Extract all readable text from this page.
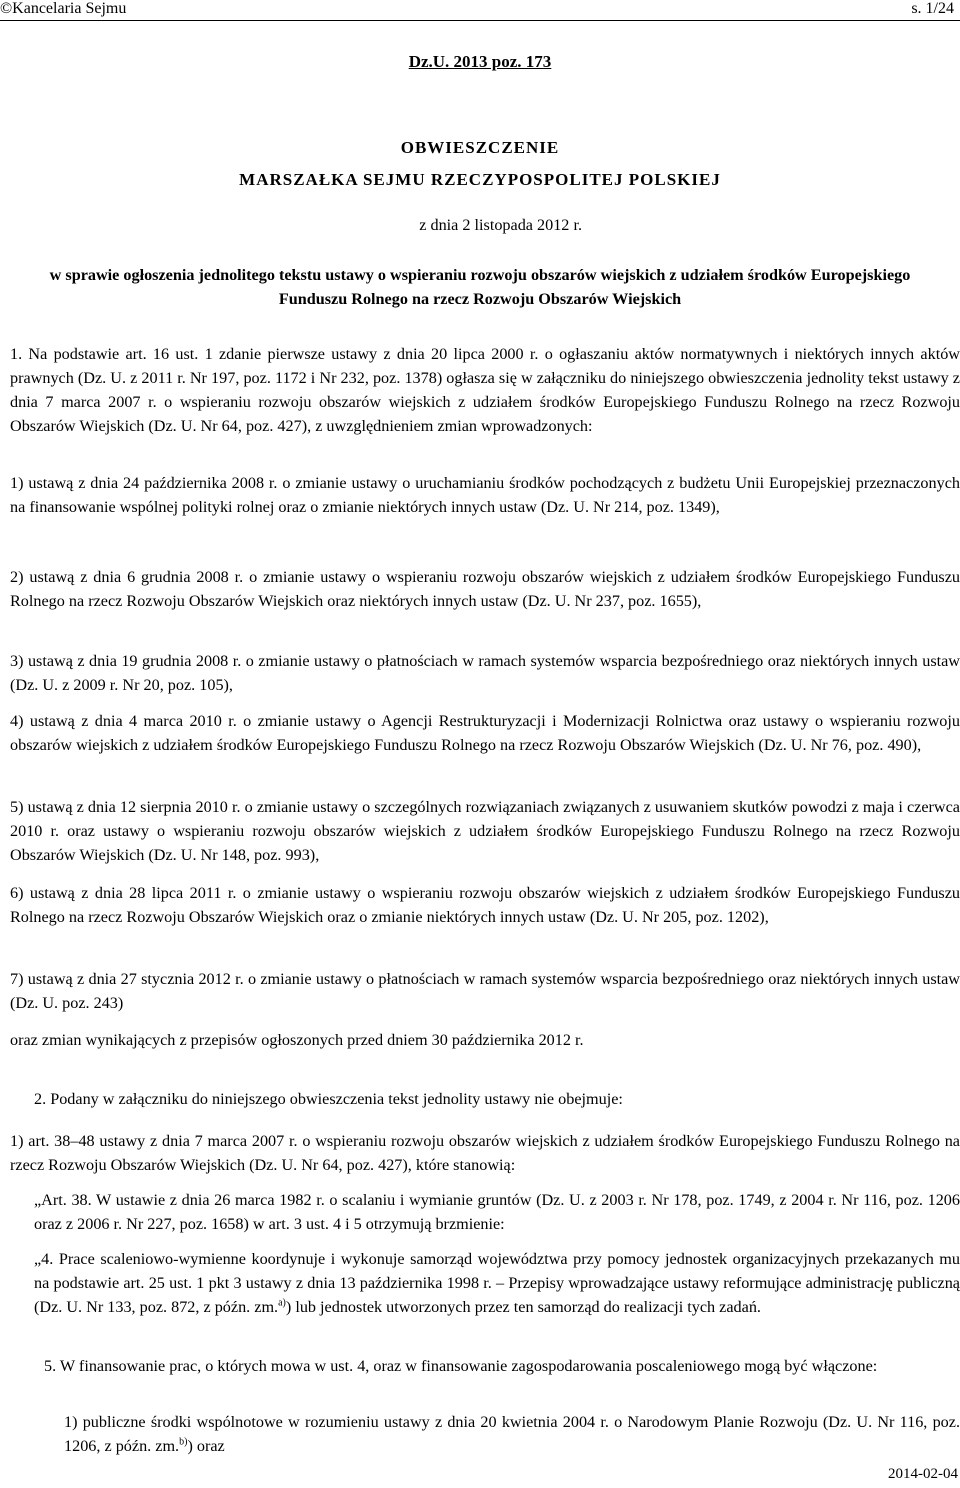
©Kancelaria Sejmu	s. 1/24
Dz.U. 2013 poz. 173
OBWIESZCZENIE
MARSZAŁKA SEJMU RZECZYPOSPOLITEJ POLSKIEJ
z dnia 2 listopada 2012 r.
w sprawie ogłoszenia jednolitego tekstu ustawy o wspieraniu rozwoju obszarów wiejskich z udziałem środków Europejskiego Funduszu Rolnego na rzecz Rozwoju Obszarów Wiejskich
1. Na podstawie art. 16 ust. 1 zdanie pierwsze ustawy z dnia 20 lipca 2000 r. o ogłaszaniu aktów normatywnych i niektórych innych aktów prawnych (Dz. U. z 2011 r. Nr 197, poz. 1172 i Nr 232, poz. 1378) ogłasza się w załączniku do niniejszego obwieszczenia jednolity tekst ustawy z dnia 7 marca 2007 r. o wspieraniu rozwoju obszarów wiejskich z udziałem środków Europejskiego Funduszu Rolnego na rzecz Rozwoju Obszarów Wiejskich (Dz. U. Nr 64, poz. 427), z uwzględnieniem zmian wprowadzonych:
1) ustawą z dnia 24 października 2008 r. o zmianie ustawy o uruchamianiu środków pochodzących z budżetu Unii Europejskiej przeznaczonych na finansowanie wspólnej polityki rolnej oraz o zmianie niektórych innych ustaw (Dz. U. Nr 214, poz. 1349),
2) ustawą z dnia 6 grudnia 2008 r. o zmianie ustawy o wspieraniu rozwoju obszarów wiejskich z udziałem środków Europejskiego Funduszu Rolnego na rzecz Rozwoju Obszarów Wiejskich oraz niektórych innych ustaw (Dz. U. Nr 237, poz. 1655),
3) ustawą z dnia 19 grudnia 2008 r. o zmianie ustawy o płatnościach w ramach systemów wsparcia bezpośredniego oraz niektórych innych ustaw (Dz. U. z 2009 r. Nr 20, poz. 105),
4) ustawą z dnia 4 marca 2010 r. o zmianie ustawy o Agencji Restrukturyzacji i Modernizacji Rolnictwa oraz ustawy o wspieraniu rozwoju obszarów wiejskich z udziałem środków Europejskiego Funduszu Rolnego na rzecz Rozwoju Obszarów Wiejskich (Dz. U. Nr 76, poz. 490),
5) ustawą z dnia 12 sierpnia 2010 r. o zmianie ustawy o szczególnych rozwiązaniach związanych z usuwaniem skutków powodzi z maja i czerwca 2010 r. oraz ustawy o wspieraniu rozwoju obszarów wiejskich z udziałem środków Europejskiego Funduszu Rolnego na rzecz Rozwoju Obszarów Wiejskich (Dz. U. Nr 148, poz. 993),
6) ustawą z dnia 28 lipca 2011 r. o zmianie ustawy o wspieraniu rozwoju obszarów wiejskich z udziałem środków Europejskiego Funduszu Rolnego na rzecz Rozwoju Obszarów Wiejskich oraz o zmianie niektórych innych ustaw (Dz. U. Nr 205, poz. 1202),
7) ustawą z dnia 27 stycznia 2012 r. o zmianie ustawy o płatnościach w ramach systemów wsparcia bezpośredniego oraz niektórych innych ustaw (Dz. U. poz. 243)
oraz zmian wynikających z przepisów ogłoszonych przed dniem 30 października 2012 r.
2. Podany w załączniku do niniejszego obwieszczenia tekst jednolity ustawy nie obejmuje:
1) art. 38–48 ustawy z dnia 7 marca 2007 r. o wspieraniu rozwoju obszarów wiejskich z udziałem środków Europejskiego Funduszu Rolnego na rzecz Rozwoju Obszarów Wiejskich (Dz. U. Nr 64, poz. 427), które stanowią:
„Art. 38. W ustawie z dnia 26 marca 1982 r. o scalaniu i wymianie gruntów (Dz. U. z 2003 r. Nr 178, poz. 1749, z 2004 r. Nr 116, poz. 1206 oraz z 2006 r. Nr 227, poz. 1658) w art. 3 ust. 4 i 5 otrzymują brzmienie:
„4. Prace scaleniowo-wymienne koordynuje i wykonuje samorząd województwa przy pomocy jednostek organizacyjnych przekazanych mu na podstawie art. 25 ust. 1 pkt 3 ustawy z dnia 13 października 1998 r. – Przepisy wprowadzające ustawy reformujące administrację publiczną (Dz. U. Nr 133, poz. 872, z późn. zm.$^{a)}$) lub jednostek utworzonych przez ten samorząd do realizacji tych zadań.
5. W finansowanie prac, o których mowa w ust. 4, oraz w finansowanie zagospodarowania poscaleniowego mogą być włączone:
1) publiczne środki wspólnotowe w rozumieniu ustawy z dnia 20 kwietnia 2004 r. o Narodowym Planie Rozwoju (Dz. U. Nr 116, poz. 1206, z późn. zm.$^{b)}$) oraz
2014-02-04
